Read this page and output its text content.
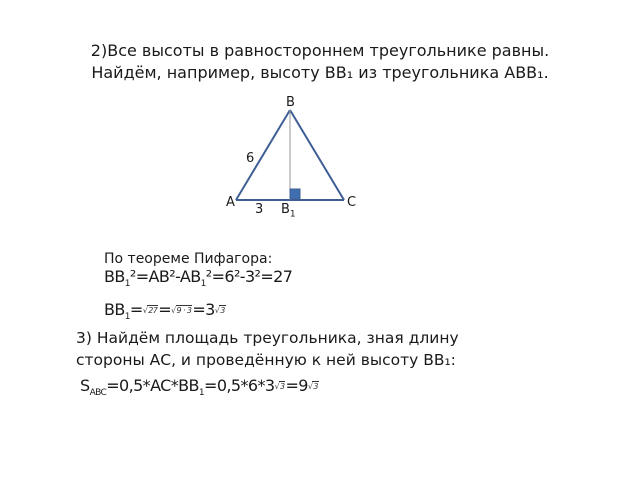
2)Все высоты в равностороннем треугольнике равны.
Найдём, например, высоту BB₁ из треугольника ABB₁.
B
A	C
6
3 $B_1$
По теореме Пифагора:
$BB_1^2=AB^2-AB_1^2=6^2-3^2=27$
$BB_1=√27=√9 \cdot 3=3√3$
3) Найдём площадь треугольника, зная длину
стороны АС, и проведённую к ней высоту BB₁:
$S_{ABC}=0,5*AC*BB_1=0,5*6*3√3=9√3$
